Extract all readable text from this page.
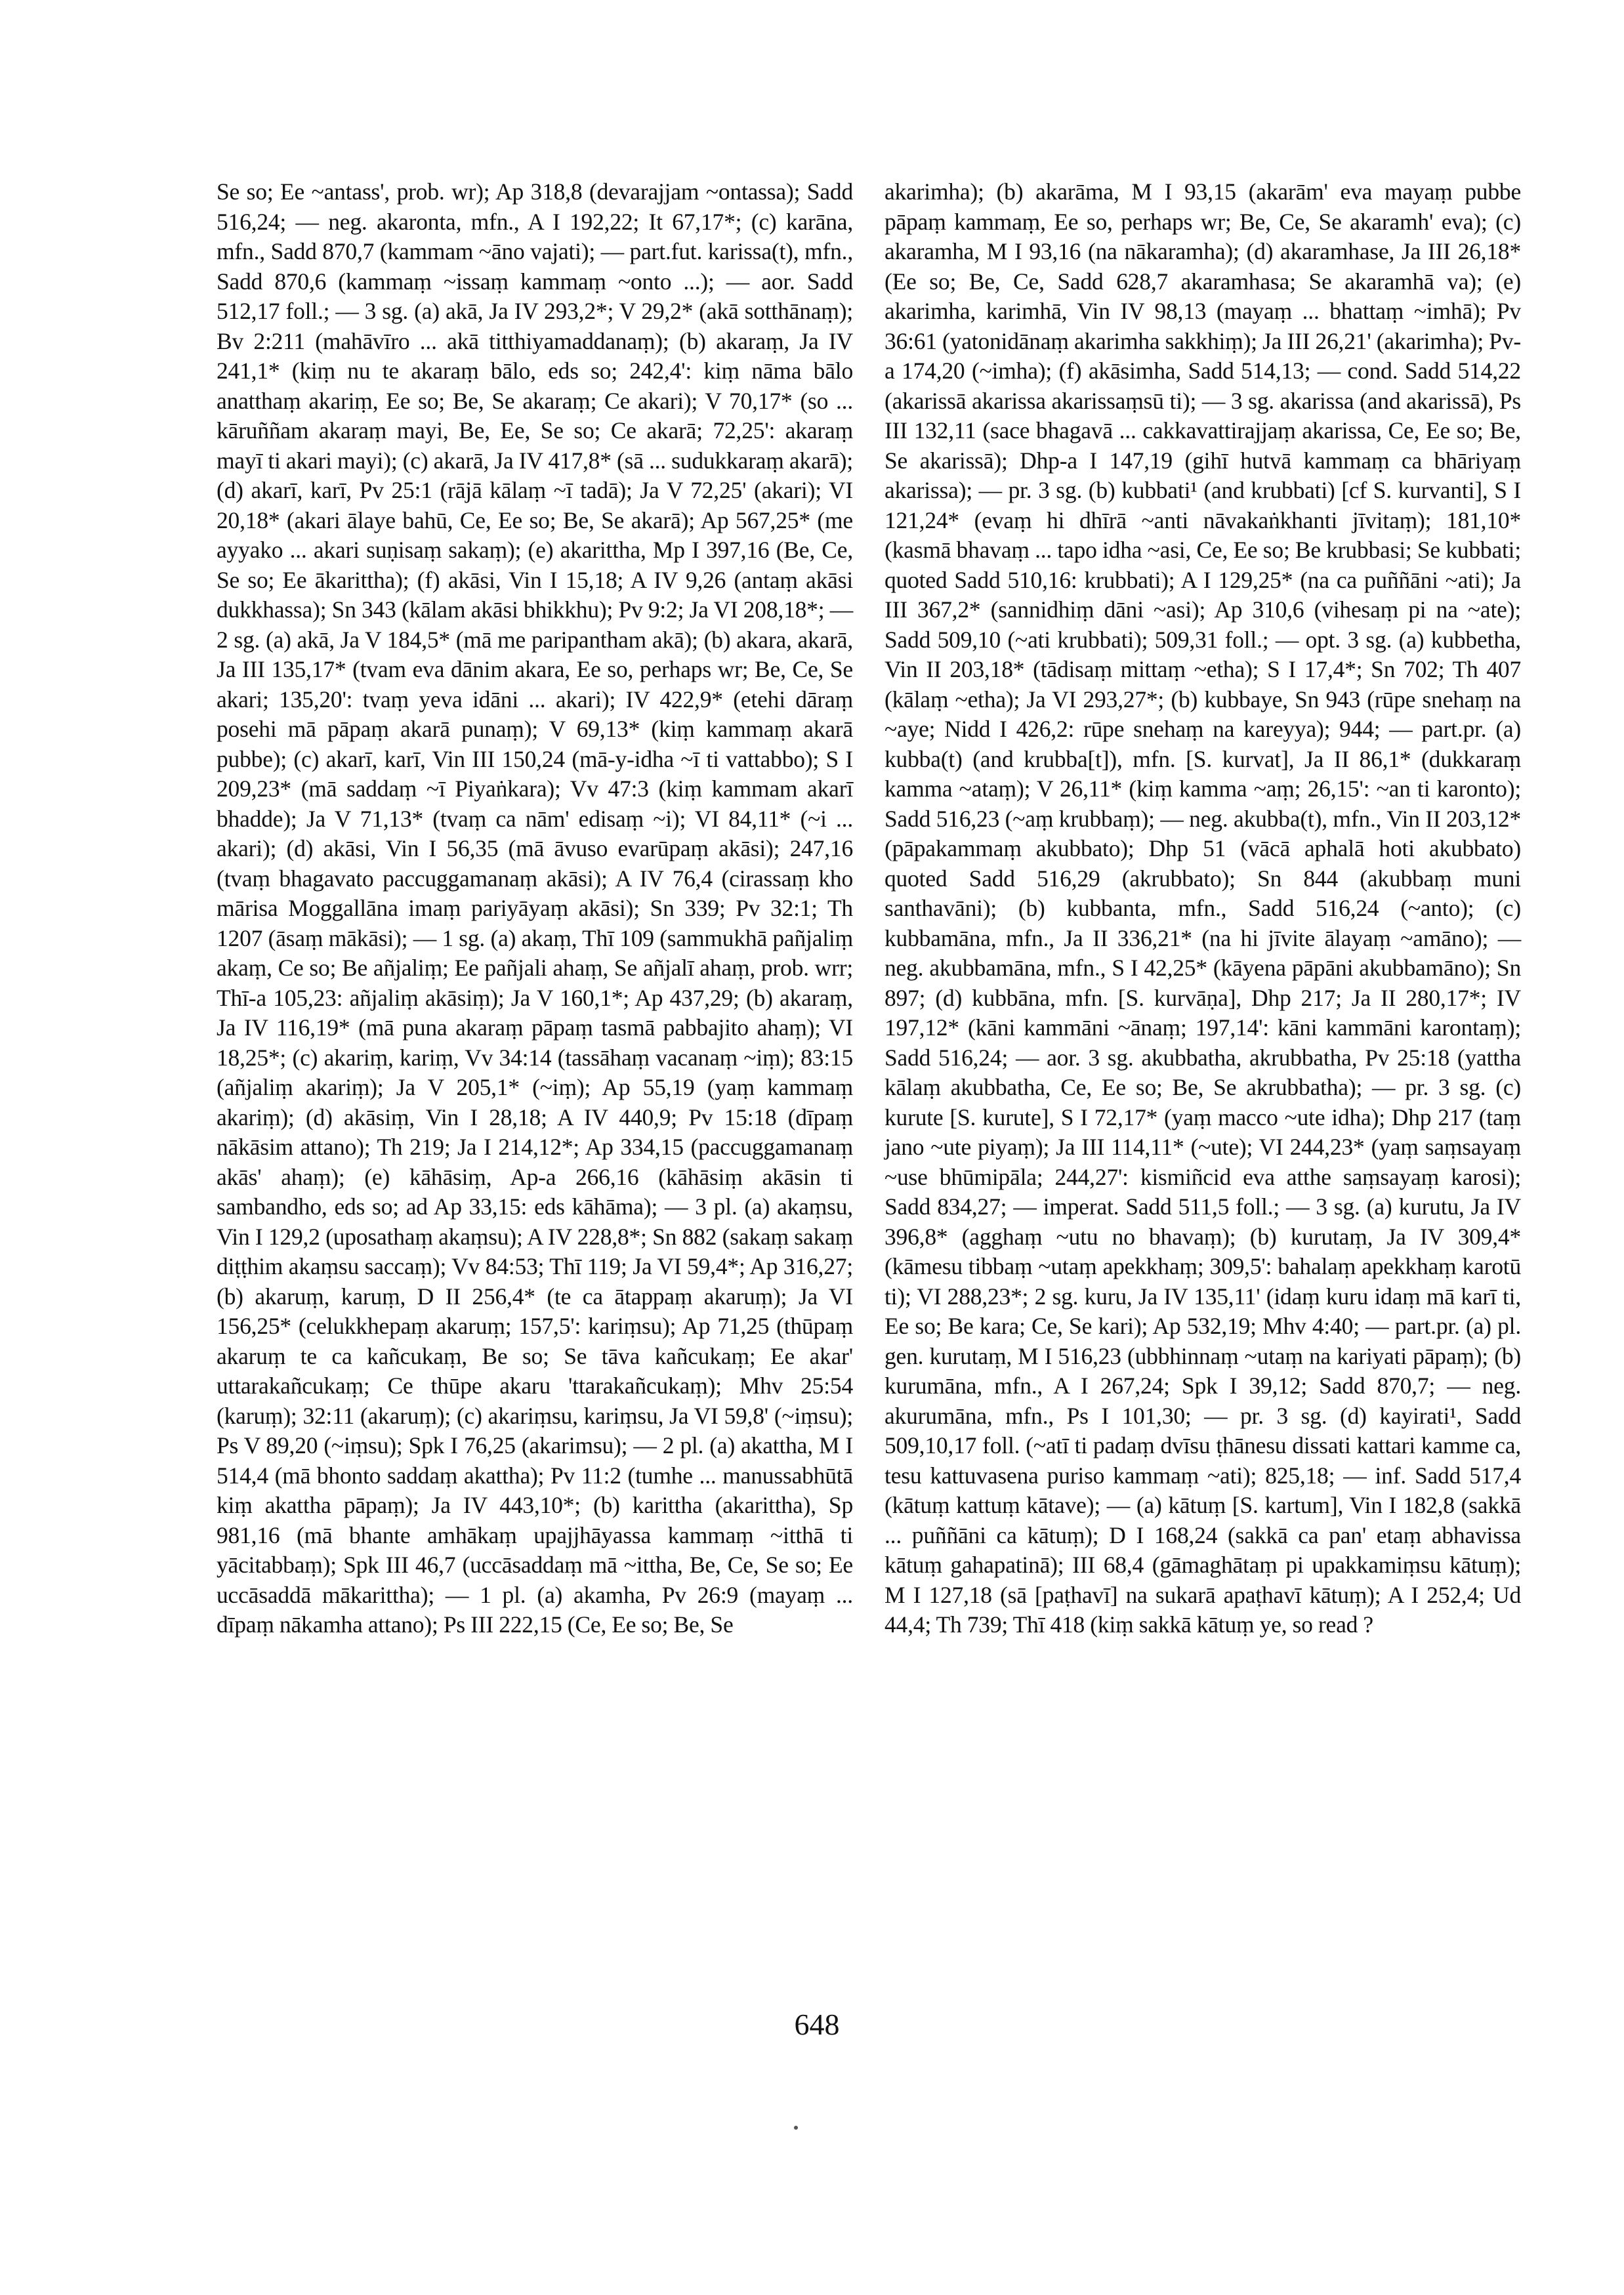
Se so; Ee ~antass', prob. wr); Ap 318,8 (devarajjam ~ontassa); Sadd 516,24; — neg. akaronta, mfn., A I 192,22; It 67,17*; (c) karāna, mfn., Sadd 870,7 (kammam ~āno vajati); — part.fut. karissa(t), mfn., Sadd 870,6 (kammaṃ ~issaṃ kammaṃ ~onto ...); — aor. Sadd 512,17 foll.; — 3 sg. (a) akā, Ja IV 293,2*; V 29,2* (akā sotthānaṃ); Bv 2:211 (mahāvīro ... akā titthiyamaddanaṃ); (b) akaraṃ, Ja IV 241,1* (kiṃ nu te akaraṃ bālo, eds so; 242,4': kiṃ nāma bālo anatthaṃ akariṃ, Ee so; Be, Se akaraṃ; Ce akari); V 70,17* (so ... kāruññam akaraṃ mayi, Be, Ee, Se so; Ce akarā; 72,25': akaraṃ mayī ti akari mayi); (c) akarā, Ja IV 417,8* (sā ... sudukkaraṃ akarā); (d) akarī, karī, Pv 25:1 (rājā kālaṃ ~ī tadā); Ja V 72,25' (akari); VI 20,18* (akari ālaye bahū, Ce, Ee so; Be, Se akarā); Ap 567,25* (me ayyako ... akari suṇisaṃ sakaṃ); (e) akarittha, Mp I 397,16 (Be, Ce, Se so; Ee ākarittha); (f) akāsi, Vin I 15,18; A IV 9,26 (antaṃ akāsi dukkhassa); Sn 343 (kālam akāsi bhikkhu); Pv 9:2; Ja VI 208,18*; — 2 sg. (a) akā, Ja V 184,5* (mā me paripantham akā); (b) akara, akarā, Ja III 135,17* (tvam eva dānim akara, Ee so, perhaps wr; Be, Ce, Se akari; 135,20': tvaṃ yeva idāni ... akari); IV 422,9* (etehi dāraṃ posehi mā pāpaṃ akarā punaṃ); V 69,13* (kiṃ kammaṃ akarā pubbe); (c) akarī, karī, Vin III 150,24 (mā-y-idha ~ī ti vattabbo); S I 209,23* (mā saddaṃ ~ī Piyaṅkara); Vv 47:3 (kiṃ kammam akarī bhadde); Ja V 71,13* (tvaṃ ca nām' edisaṃ ~i); VI 84,11* (~i ... akari); (d) akāsi, Vin I 56,35 (mā āvuso evarūpaṃ akāsi); 247,16 (tvaṃ bhagavato paccuggamanaṃ akāsi); A IV 76,4 (cirassaṃ kho mārisa Moggallāna imaṃ pariyāyaṃ akāsi); Sn 339; Pv 32:1; Th 1207 (āsaṃ mākāsi); — 1 sg. (a) akaṃ, Thī 109 (sammukhā pañjaliṃ akaṃ, Ce so; Be añjaliṃ; Ee pañjali ahaṃ, Se añjalī ahaṃ, prob. wrr; Thī-a 105,23: añjaliṃ akāsiṃ); Ja V 160,1*; Ap 437,29; (b) akaraṃ, Ja IV 116,19* (mā puna akaraṃ pāpaṃ tasmā pabbajito ahaṃ); VI 18,25*; (c) akariṃ, kariṃ, Vv 34:14 (tassāhaṃ vacanaṃ ~iṃ); 83:15 (añjaliṃ akariṃ); Ja V 205,1* (~iṃ); Ap 55,19 (yaṃ kammaṃ akariṃ); (d) akāsiṃ, Vin I 28,18; A IV 440,9; Pv 15:18 (dīpaṃ nākāsim attano); Th 219; Ja I 214,12*; Ap 334,15 (paccuggamanaṃ akās' ahaṃ); (e) kāhāsiṃ, Ap-a 266,16 (kāhāsiṃ akāsin ti sambandho, eds so; ad Ap 33,15: eds kāhāma); — 3 pl. (a) akaṃsu, Vin I 129,2 (uposathaṃ akaṃsu); A IV 228,8*; Sn 882 (sakaṃ sakaṃ diṭṭhim akaṃsu saccaṃ); Vv 84:53; Thī 119; Ja VI 59,4*; Ap 316,27; (b) akaruṃ, karuṃ, D II 256,4* (te ca ātappaṃ akaruṃ); Ja VI 156,25* (celukkhepaṃ akaruṃ; 157,5': kariṃsu); Ap 71,25 (thūpaṃ akaruṃ te ca kañcukaṃ, Be so; Se tāva kañcukaṃ; Ee akar' uttarakañcukaṃ; Ce thūpe akaru 'ttarakañcukaṃ); Mhv 25:54 (karuṃ); 32:11 (akaruṃ); (c) akariṃsu, kariṃsu, Ja VI 59,8' (~iṃsu); Ps V 89,20 (~iṃsu); Spk I 76,25 (akarimsu); — 2 pl. (a) akattha, M I 514,4 (mā bhonto saddaṃ akattha); Pv 11:2 (tumhe ... manussabhūtā kiṃ akattha pāpaṃ); Ja IV 443,10*; (b) karittha (akarittha), Sp 981,16 (mā bhante amhākaṃ upajjhāyassa kammaṃ ~itthā ti yācitabbaṃ); Spk III 46,7 (uccāsaddaṃ mā ~ittha, Be, Ce, Se so; Ee uccāsaddā mākarittha); — 1 pl. (a) akamha, Pv 26:9 (mayaṃ ... dīpaṃ nākamha attano); Ps III 222,15 (Ce, Ee so; Be, Se

akarimha); (b) akarāma, M I 93,15 (akarām' eva mayaṃ pubbe pāpaṃ kammaṃ, Ee so, perhaps wr; Be, Ce, Se akaramh' eva); (c) akaramha, M I 93,16 (na nākaramha); (d) akaramhase, Ja III 26,18* (Ee so; Be, Ce, Sadd 628,7 akaramhasa; Se akaramhā va); (e) akarimha, karimhā, Vin IV 98,13 (mayaṃ ... bhattaṃ ~imhā); Pv 36:61 (yatonidānaṃ akarimha sakkhiṃ); Ja III 26,21' (akarimha); Pv-a 174,20 (~imha); (f) akāsimha, Sadd 514,13; — cond. Sadd 514,22 (akarissā akarissa akarissaṃsū ti); — 3 sg. akarissa (and akarissā), Ps III 132,11 (sace bhagavā ... cakkavattirajjaṃ akarissa, Ce, Ee so; Be, Se akarissā); Dhp-a I 147,19 (gihī hutvā kammaṃ ca bhāriyaṃ akarissa); — pr. 3 sg. (b) kubbati¹ (and krubbati) [cf S. kurvanti], S I 121,24* (evaṃ hi dhīrā ~anti nāvakaṅkhanti jīvitaṃ); 181,10* (kasmā bhavaṃ ... tapo idha ~asi, Ce, Ee so; Be krubbasi; Se kubbati; quoted Sadd 510,16: krubbati); A I 129,25* (na ca puññāni ~ati); Ja III 367,2* (sannidhiṃ dāni ~asi); Ap 310,6 (vihesaṃ pi na ~ate); Sadd 509,10 (~ati krubbati); 509,31 foll.; — opt. 3 sg. (a) kubbetha, Vin II 203,18* (tādisaṃ mittaṃ ~etha); S I 17,4*; Sn 702; Th 407 (kālaṃ ~etha); Ja VI 293,27*; (b) kubbaye, Sn 943 (rūpe snehaṃ na ~aye; Nidd I 426,2: rūpe snehaṃ na kareyya); 944; — part.pr. (a) kubba(t) (and krubba[t]), mfn. [S. kurvat], Ja II 86,1* (dukkaraṃ kamma ~ataṃ); V 26,11* (kiṃ kamma ~aṃ; 26,15': ~an ti karonto); Sadd 516,23 (~aṃ krubbaṃ); — neg. akubba(t), mfn., Vin II 203,12* (pāpakammaṃ akubbato); Dhp 51 (vācā aphalā hoti akubbato) quoted Sadd 516,29 (akrubbato); Sn 844 (akubbaṃ muni santhavāni); (b) kubbanta, mfn., Sadd 516,24 (~anto); (c) kubbamāna, mfn., Ja II 336,21* (na hi jīvite ālayaṃ ~amāno); — neg. akubbamāna, mfn., S I 42,25* (kāyena pāpāni akubbamāno); Sn 897; (d) kubbāna, mfn. [S. kurvāṇa], Dhp 217; Ja II 280,17*; IV 197,12* (kāni kammāni ~ānaṃ; 197,14': kāni kammāni karontaṃ); Sadd 516,24; — aor. 3 sg. akubbatha, akrubbatha, Pv 25:18 (yattha kālaṃ akubbatha, Ce, Ee so; Be, Se akrubbatha); — pr. 3 sg. (c) kurute [S. kurute], S I 72,17* (yaṃ macco ~ute idha); Dhp 217 (taṃ jano ~ute piyaṃ); Ja III 114,11* (~ute); VI 244,23* (yaṃ saṃsayaṃ ~use bhūmipāla; 244,27': kismiñcid eva atthe saṃsayaṃ karosi); Sadd 834,27; — imperat. Sadd 511,5 foll.; — 3 sg. (a) kurutu, Ja IV 396,8* (agghaṃ ~utu no bhavaṃ); (b) kurutaṃ, Ja IV 309,4* (kāmesu tibbaṃ ~utaṃ apekkhaṃ; 309,5': bahalaṃ apekkhaṃ karotū ti); VI 288,23*; 2 sg. kuru, Ja IV 135,11' (idaṃ kuru idaṃ mā karī ti, Ee so; Be kara; Ce, Se kari); Ap 532,19; Mhv 4:40; — part.pr. (a) pl. gen. kurutaṃ, M I 516,23 (ubbhinnaṃ ~utaṃ na kariyati pāpaṃ); (b) kurumāna, mfn., A I 267,24; Spk I 39,12; Sadd 870,7; — neg. akurumāna, mfn., Ps I 101,30; — pr. 3 sg. (d) kayirati¹, Sadd 509,10,17 foll. (~atī ti padaṃ dvīsu ṭhānesu dissati kattari kamme ca, tesu kattuvasena puriso kammaṃ ~ati); 825,18; — inf. Sadd 517,4 (kātuṃ kattuṃ kātave); — (a) kātuṃ [S. kartum], Vin I 182,8 (sakkā ... puññāni ca kātuṃ); D I 168,24 (sakkā ca pan' etaṃ abhavissa kātuṃ gahapatinā); III 68,4 (gāmaghātaṃ pi upakkamiṃsu kātuṃ); M I 127,18 (sā [paṭhavī] na sukarā apaṭhavī kātuṃ); A I 252,4; Ud 44,4; Th 739; Thī 418 (kiṃ sakkā kātuṃ ye, so read ?

648
